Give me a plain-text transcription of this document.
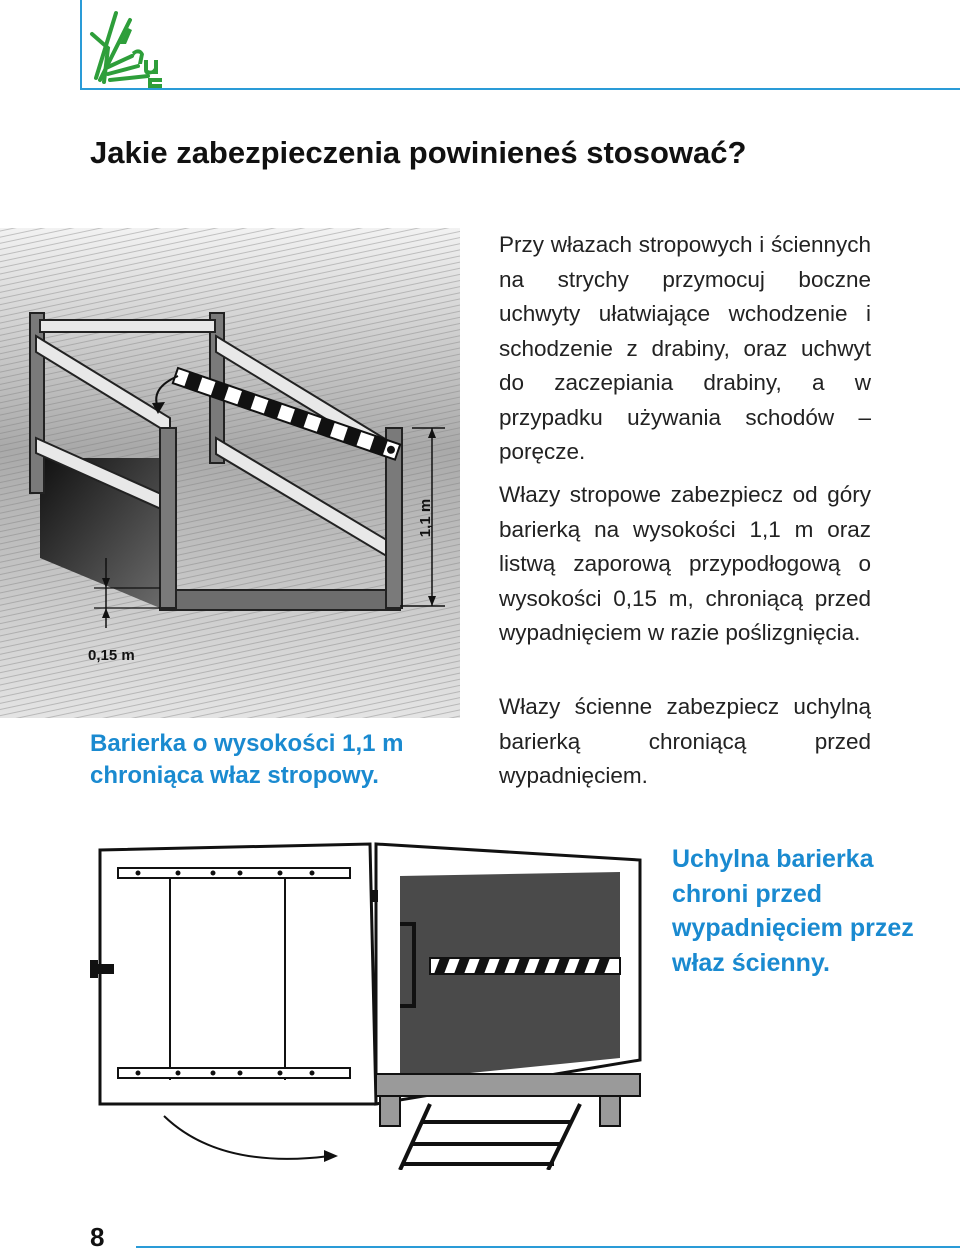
Jakie zabezpieczenia powinieneś stosować?
1,1 m
0,15 m
Barierka o wysokości 1,1 m chroniąca właz stropowy.
Przy włazach stropowych i ściennych na strychy przymocuj boczne uchwyty ułatwiające wchodzenie i schodzenie z drabiny, oraz uchwyt do zaczepiania drabiny, a w przypadku używania schodów – poręcze.
Włazy stropowe zabezpiecz od góry barierką na wysokości 1,1 m oraz listwą zaporową przypodłogową o wysokości 0,15 m, chroniącą przed wypadnięciem w razie poślizgnięcia.
Włazy ścienne zabezpiecz uchylną barierką chroniącą przed wypadnięciem.
Uchylna barierka chroni przed wypadnięciem przez właz ścienny.
8
